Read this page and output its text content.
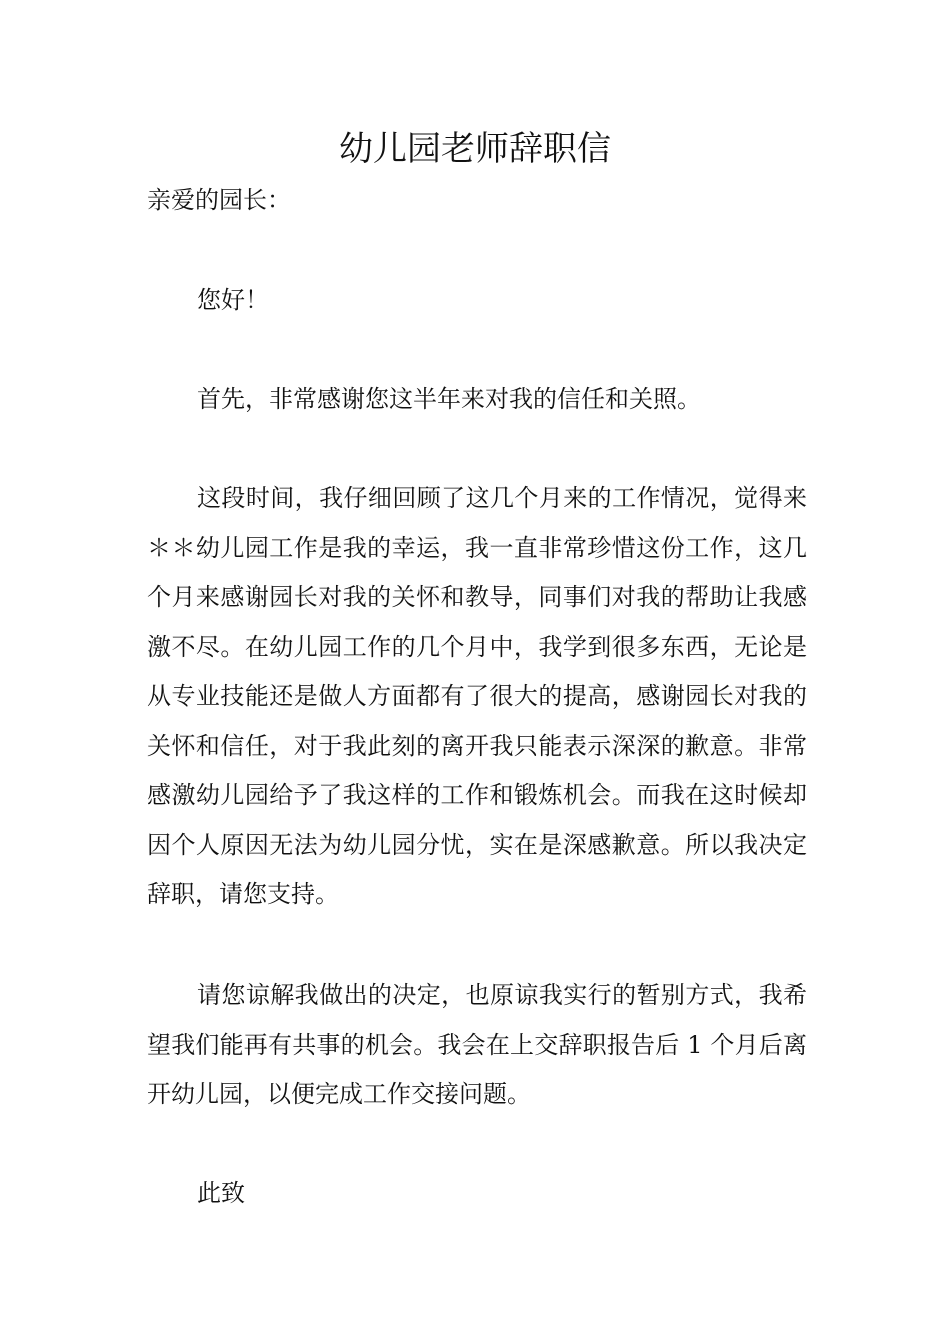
幼儿园老师辞职信

亲爱的园长：

您好！

首先，非常感谢您这半年来对我的信任和关照。

这段时间，我仔细回顾了这几个月来的工作情况，觉得来＊＊幼儿园工作是我的幸运，我一直非常珍惜这份工作，这几个月来感谢园长对我的关怀和教导，同事们对我的帮助让我感激不尽。在幼儿园工作的几个月中，我学到很多东西，无论是从专业技能还是做人方面都有了很大的提高，感谢园长对我的关怀和信任，对于我此刻的离开我只能表示深深的歉意。非常感激幼儿园给予了我这样的工作和锻炼机会。而我在这时候却因个人原因无法为幼儿园分忧，实在是深感歉意。所以我决定辞职，请您支持。

请您谅解我做出的决定，也原谅我实行的暂别方式，我希望我们能再有共事的机会。我会在上交辞职报告后 1 个月后离开幼儿园，以便完成工作交接问题。

此致
